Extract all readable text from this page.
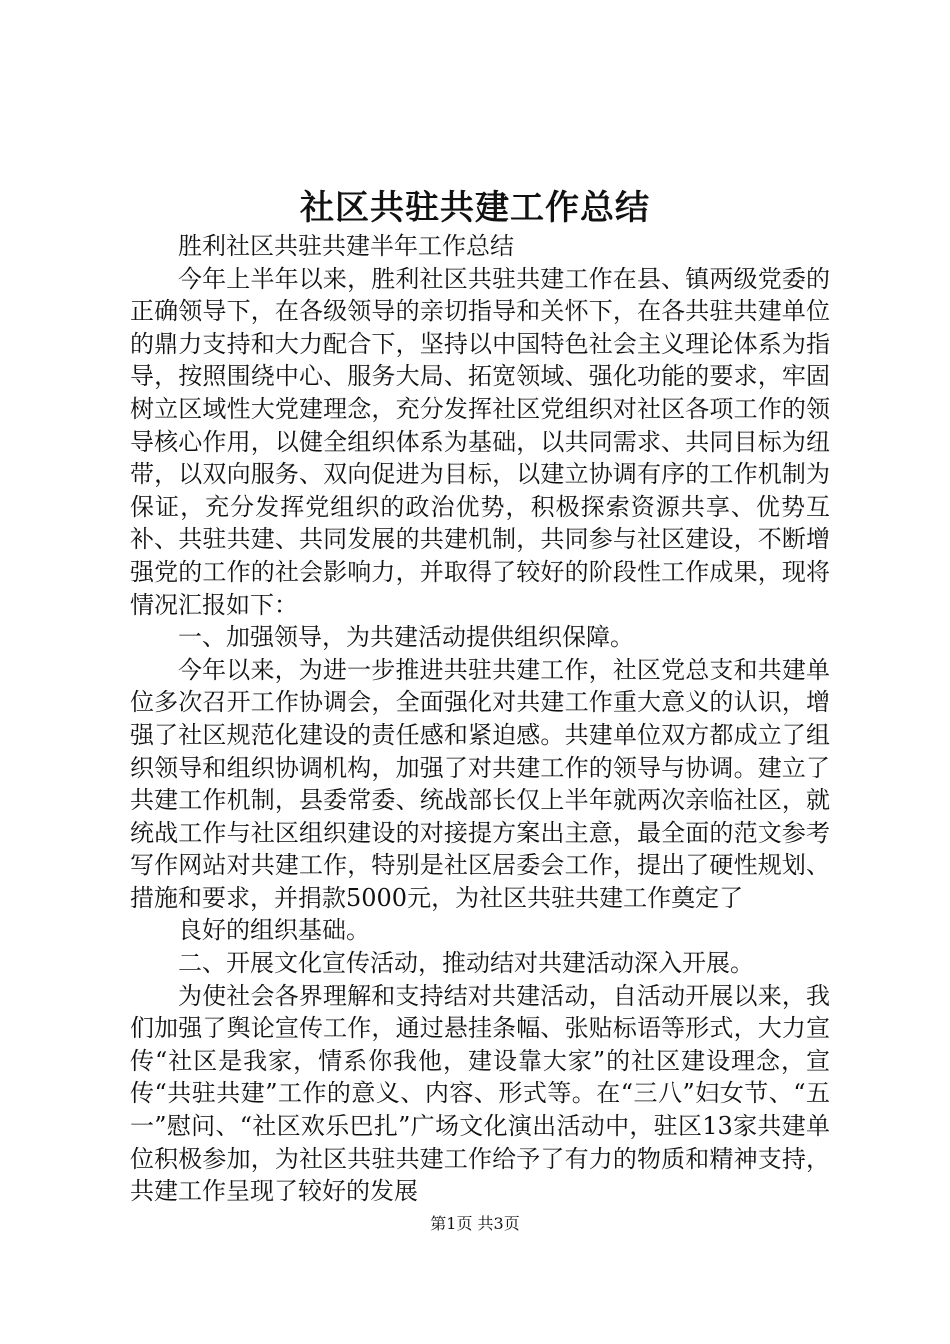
社区共驻共建工作总结

胜利社区共驻共建半年工作总结

今年上半年以来，胜利社区共驻共建工作在县、镇两级党委的正确领导下，在各级领导的亲切指导和关怀下，在各共驻共建单位的鼎力支持和大力配合下，坚持以中国特色社会主义理论体系为指导，按照围绕中心、服务大局、拓宽领域、强化功能的要求，牢固树立区域性大党建理念，充分发挥社区党组织对社区各项工作的领导核心作用，以健全组织体系为基础，以共同需求、共同目标为纽带，以双向服务、双向促进为目标，以建立协调有序的工作机制为保证，充分发挥党组织的政治优势，积极探索资源共享、优势互补、共驻共建、共同发展的共建机制，共同参与社区建设，不断增强党的工作的社会影响力，并取得了较好的阶段性工作成果，现将情况汇报如下：

一、加强领导，为共建活动提供组织保障。

今年以来，为进一步推进共驻共建工作，社区党总支和共建单位多次召开工作协调会，全面强化对共建工作重大意义的认识，增强了社区规范化建设的责任感和紧迫感。共建单位双方都成立了组织领导和组织协调机构，加强了对共建工作的领导与协调。建立了共建工作机制，县委常委、统战部长仅上半年就两次亲临社区，就统战工作与社区组织建设的对接提方案出主意，最全面的范文参考写作网站对共建工作，特别是社区居委会工作，提出了硬性规划、措施和要求，并捐款5000元，为社区共驻共建工作奠定了

良好的组织基础。

二、开展文化宣传活动，推动结对共建活动深入开展。

为使社会各界理解和支持结对共建活动，自活动开展以来，我们加强了舆论宣传工作，通过悬挂条幅、张贴标语等形式，大力宣传“社区是我家，情系你我他，建设靠大家”的社区建设理念，宣传“共驻共建”工作的意义、内容、形式等。在“三八”妇女节、“五一”慰问、“社区欢乐巴扎”广场文化演出活动中，驻区13家共建单位积极参加，为社区共驻共建工作给予了有力的物质和精神支持，共建工作呈现了较好的发展

第1页 共3页
